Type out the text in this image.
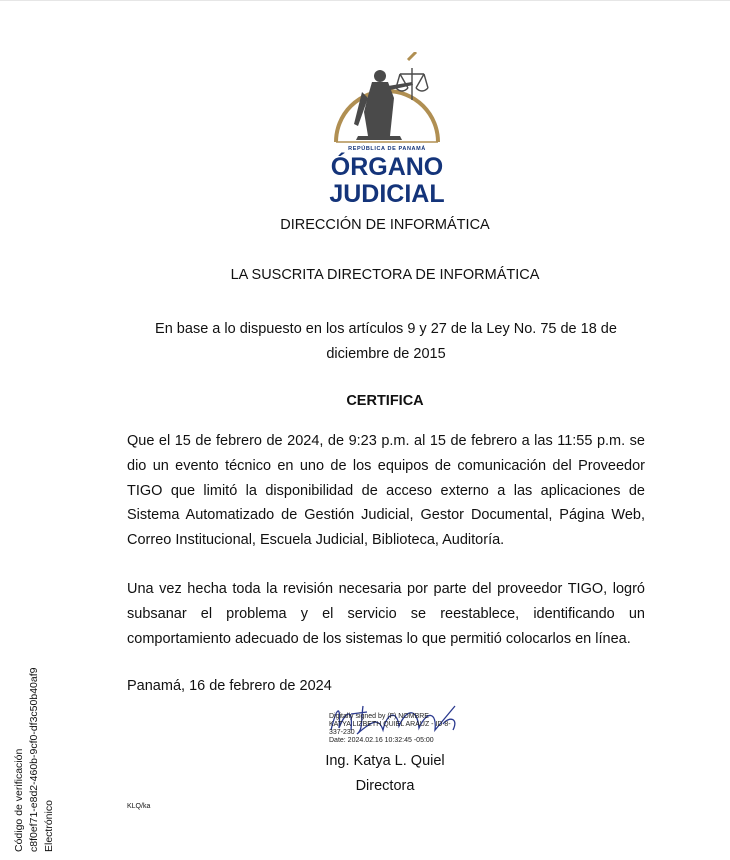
REPÚBLICA DE PANAMÁ
ÓRGANO
JUDICIAL
DIRECCIÓN DE INFORMÁTICA
LA SUSCRITA DIRECTORA DE INFORMÁTICA
En base a lo dispuesto en los artículos 9 y 27 de la Ley No. 75 de 18 de diciembre de 2015
CERTIFICA
Que el 15 de febrero de 2024, de 9:23 p.m. al 15 de febrero a las 11:55 p.m. se dio un evento técnico en uno de los equipos de comunicación del Proveedor TIGO que limitó la disponibilidad de acceso externo a las aplicaciones de Sistema Automatizado de Gestión Judicial, Gestor Documental, Página Web, Correo Institucional, Escuela Judicial, Biblioteca, Auditoría.
Una vez hecha toda la revisión necesaria por parte del proveedor TIGO, logró subsanar el problema y el servicio se reestablece, identificando un comportamiento adecuado de los sistemas lo que permitió colocarlos en línea.
Panamá, 16 de febrero de 2024
Digitally signed by (F) NOMBRE
KATYA LIZBETH QUIEL ARAUZ - ID 8-
337-230
Date: 2024.02.16 10:32:45 -05:00
Ing. Katya L. Quiel
Directora
KLQ/ka
Código de verificación c8f0ef71-e8d2-460b-9cf0-df3c50b40af9 Electrónico
